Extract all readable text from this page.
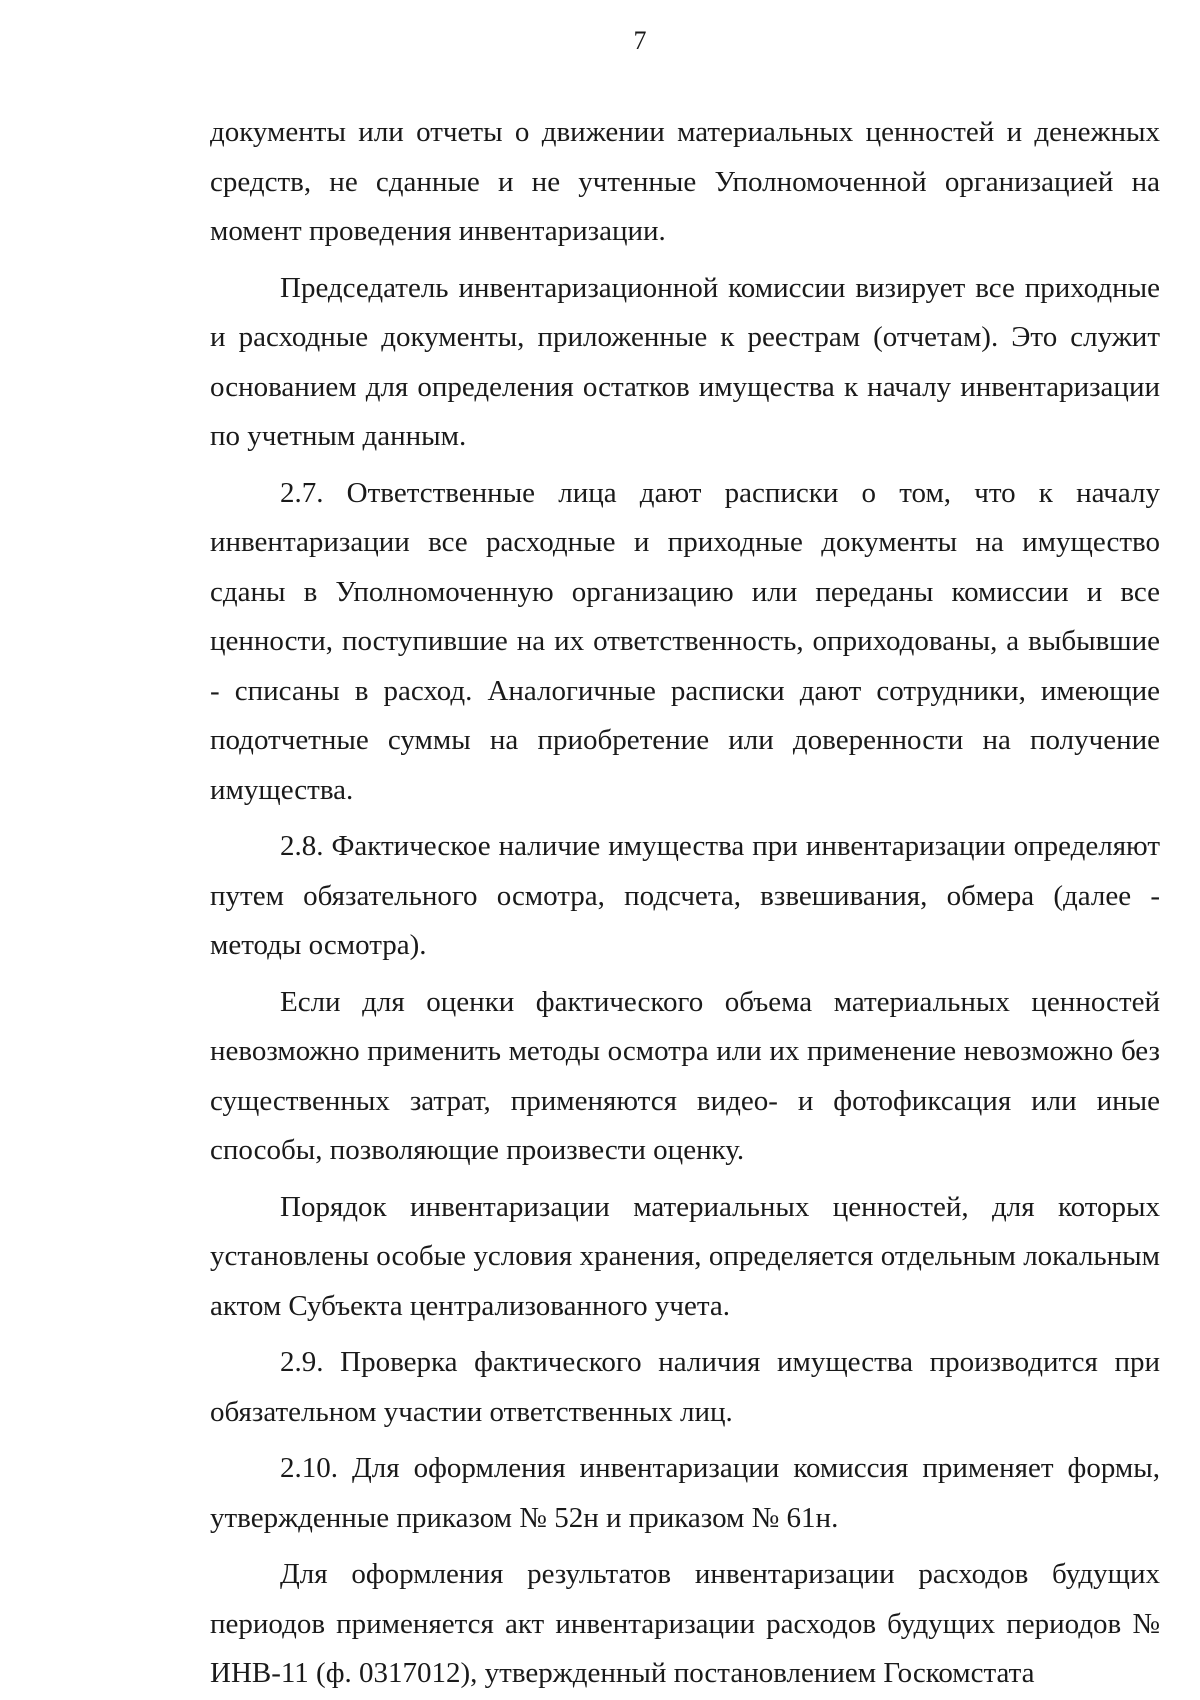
7

документы или отчеты о движении материальных ценностей и денежных средств, не сданные и не учтенные Уполномоченной организацией на момент проведения инвентаризации.

Председатель инвентаризационной комиссии визирует все приходные и расходные документы, приложенные к реестрам (отчетам). Это служит основанием для определения остатков имущества к началу инвентаризации по учетным данным.

2.7. Ответственные лица дают расписки о том, что к началу инвентаризации все расходные и приходные документы на имущество сданы в Уполномоченную организацию или переданы комиссии и все ценности, поступившие на их ответственность, оприходованы, а выбывшие - списаны в расход. Аналогичные расписки дают сотрудники, имеющие подотчетные суммы на приобретение или доверенности на получение имущества.

2.8. Фактическое наличие имущества при инвентаризации определяют путем обязательного осмотра, подсчета, взвешивания, обмера (далее - методы осмотра).

Если для оценки фактического объема материальных ценностей невозможно применить методы осмотра или их применение невозможно без существенных затрат, применяются видео- и фотофиксация или иные способы, позволяющие произвести оценку.

Порядок инвентаризации материальных ценностей, для которых установлены особые условия хранения, определяется отдельным локальным актом Субъекта централизованного учета.

2.9. Проверка фактического наличия имущества производится при обязательном участии ответственных лиц.

2.10. Для оформления инвентаризации комиссия применяет формы, утвержденные приказом № 52н и приказом № 61н.

Для оформления результатов инвентаризации расходов будущих периодов применяется акт инвентаризации расходов будущих периодов № ИНВ-11 (ф. 0317012), утвержденный постановлением Госкомстата
